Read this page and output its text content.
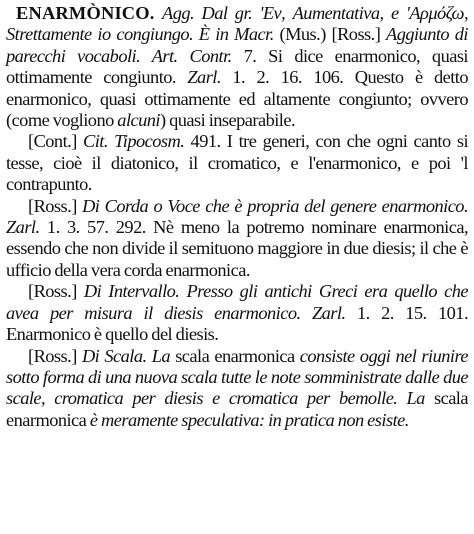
ENARMÒNICO. Agg. Dal gr. 'Εν, Aumentativa, e 'Αρμόζω, Strettamente io congiungo. È in Macr. (Mus.) [Ross.] Aggiunto di parecchi vocaboli. Art. Contr. 7. Si dice enarmonico, quasi ottimamente congiunto. Zarl. 1. 2. 16. 106. Questo è detto enarmonico, quasi ottimamente ed altamente congiunto; ovvero (come vogliono alcuni) quasi inseparabile.

[Cont.] Cit. Tipocosm. 491. I tre generi, con che ogni canto si tesse, cioè il diatonico, il cromatico, e l'enarmonico, e poi 'l contrapunto.

[Ross.] Di Corda o Voce che è propria del genere enarmonico. Zarl. 1. 3. 57. 292. Nè meno la potremo nominare enarmonica, essendo che non divide il semituono maggiore in due diesis; il che è ufficio della vera corda enarmonica.

[Ross.] Di Intervallo. Presso gli antichi Greci era quello che avea per misura il diesis enarmonico. Zarl. 1. 2. 15. 101. Enarmonico è quello del diesis.

[Ross.] Di Scala. La scala enarmonica consiste oggi nel riunire sotto forma di una nuova scala tutte le note somministrate dalle due scale, cromatica per diesis e cromatica per bemolle. La scala enarmonica è meramente speculativa: in pratica non esiste.
